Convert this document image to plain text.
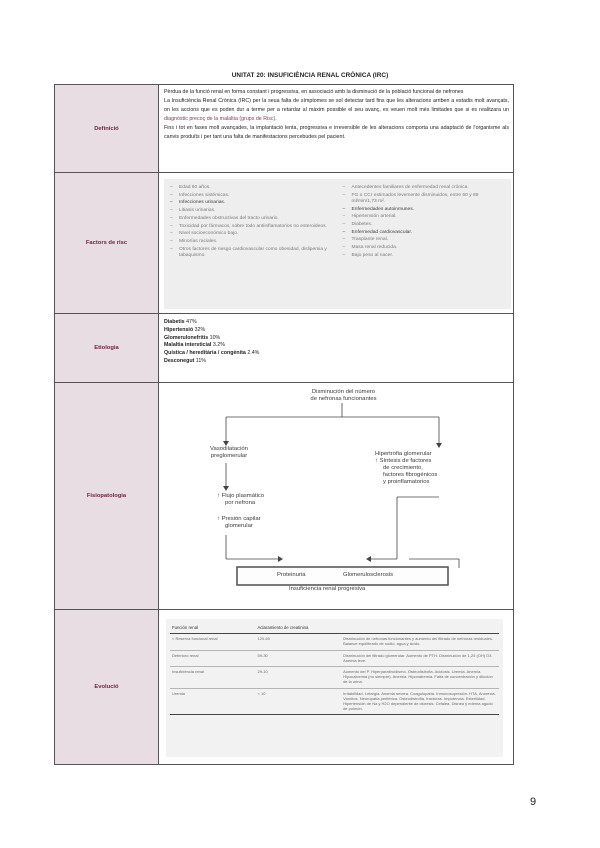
UNITAT 20: INSUFICIÈNCIA RENAL CRÒNICA (IRC)
Definició	

Pèrdua de la funció renal en forma constant i progressiva, en associació amb la disminució de la població funcional de nefrones

La Insuficiència Renal Crònica (IRC) per la seua falta de símptomes se sol detectar tard fins que les alteracions arriben a estadis molt avançats, on les accions que es poden dur a terme per a retardar al màxim possible el seu avanç, es veuen molt més limitades que si es realitzara un diagnòstic precoç de la malaltia (grups de Risc).

Fins i tot en fases molt avançades, la implantació lenta, progressiva e irreversible de les alteracions comporta una adaptació de l'organisme als canvis produïts i per tant una falta de manifestacions percebudes pel pacient.

Factors de risc	
–	Edad 60 años.
–	Infecciones sistémicas.
–	Infecciones urinarias.
–	Litiasis urinarias.
–	Enfermedades obstructivas del tracto urinario.
–	Toxicidad por fármacos, sobre todo antiinflamatorios no esteroideos.
–	Nivel socioeconómico bajo.
–	Minorías raciales.
–	Otros factores de riesgo cardiovascular como obesidad, dislipemia y tabaquismo.
–	Antecedentes familiares de enfermedad renal crónica.
–	FG o CCr estimados levemente disminuidos, entre 60 y 89 ml/min/1,73 m².
–	Enfermedades autoinmunes.
–	Hipertensión arterial.
–	Diabetes.
–	Enfermedad cardiovascular.
–	Trasplante renal.
–	Masa renal reducida.
–	Bajo peso al nacer.

Etiologia	
Diabetis 47%
Hipertensió 32%
Glomerulonefritis 10%
Malaltia intersticial 3.2%
Quística / hereditària / congènita 2.4%
Desconegut 11%

Fisiopatologia	
Disminución del número
de nefronas funcionantes
Vasodilatación
preglomerular	Hipertrofia glomerular
↑ Síntesis de factores
de crecimiento,
factores fibrogénicos
y proinflamatorios
↑ Flujo plasmático
por nefrona
↑ Presión capilar
glomerular
Proteinuria	Glomerulosclerosis
Insuficiencia renal progresiva

Evolució	
Función renal	Aclaramiento de creatinina	
< Reserva funcional renal	120-60	Disminución de nefronas funcionantes y aumento del filtrado de nefronas residuales. Balance equilibrado de sodio, agua y ácido.
Deterioro renal	59-30	Disminución del filtrado glomerular. Aumento de PTH. Disminución de 1,25 (OH) D3. Anemia leve.
Insuficiencia renal	29-10	Aumento del P. Hiperparatiroidismo. Osteodistrofia. Acidosis. Uremia. Anemia. Hipocalcemia (no siempre). Anemia. Hiponatremia. Falta de concentración y dilución de la orina.
Uremia	< 10	Irritabilidad. Letargia. Anemia severa. Coagulopatía. Inmunosupresión. HTA. Anorexia. Vómitos. Neuropatía periférica. Osteodistrofia, fracturas. Impotencia. Esterilidad. Hipertensión de Na y H2O dependiente de diuresis. Cefalea. Disnea y edema agudo de pulmón.
9
